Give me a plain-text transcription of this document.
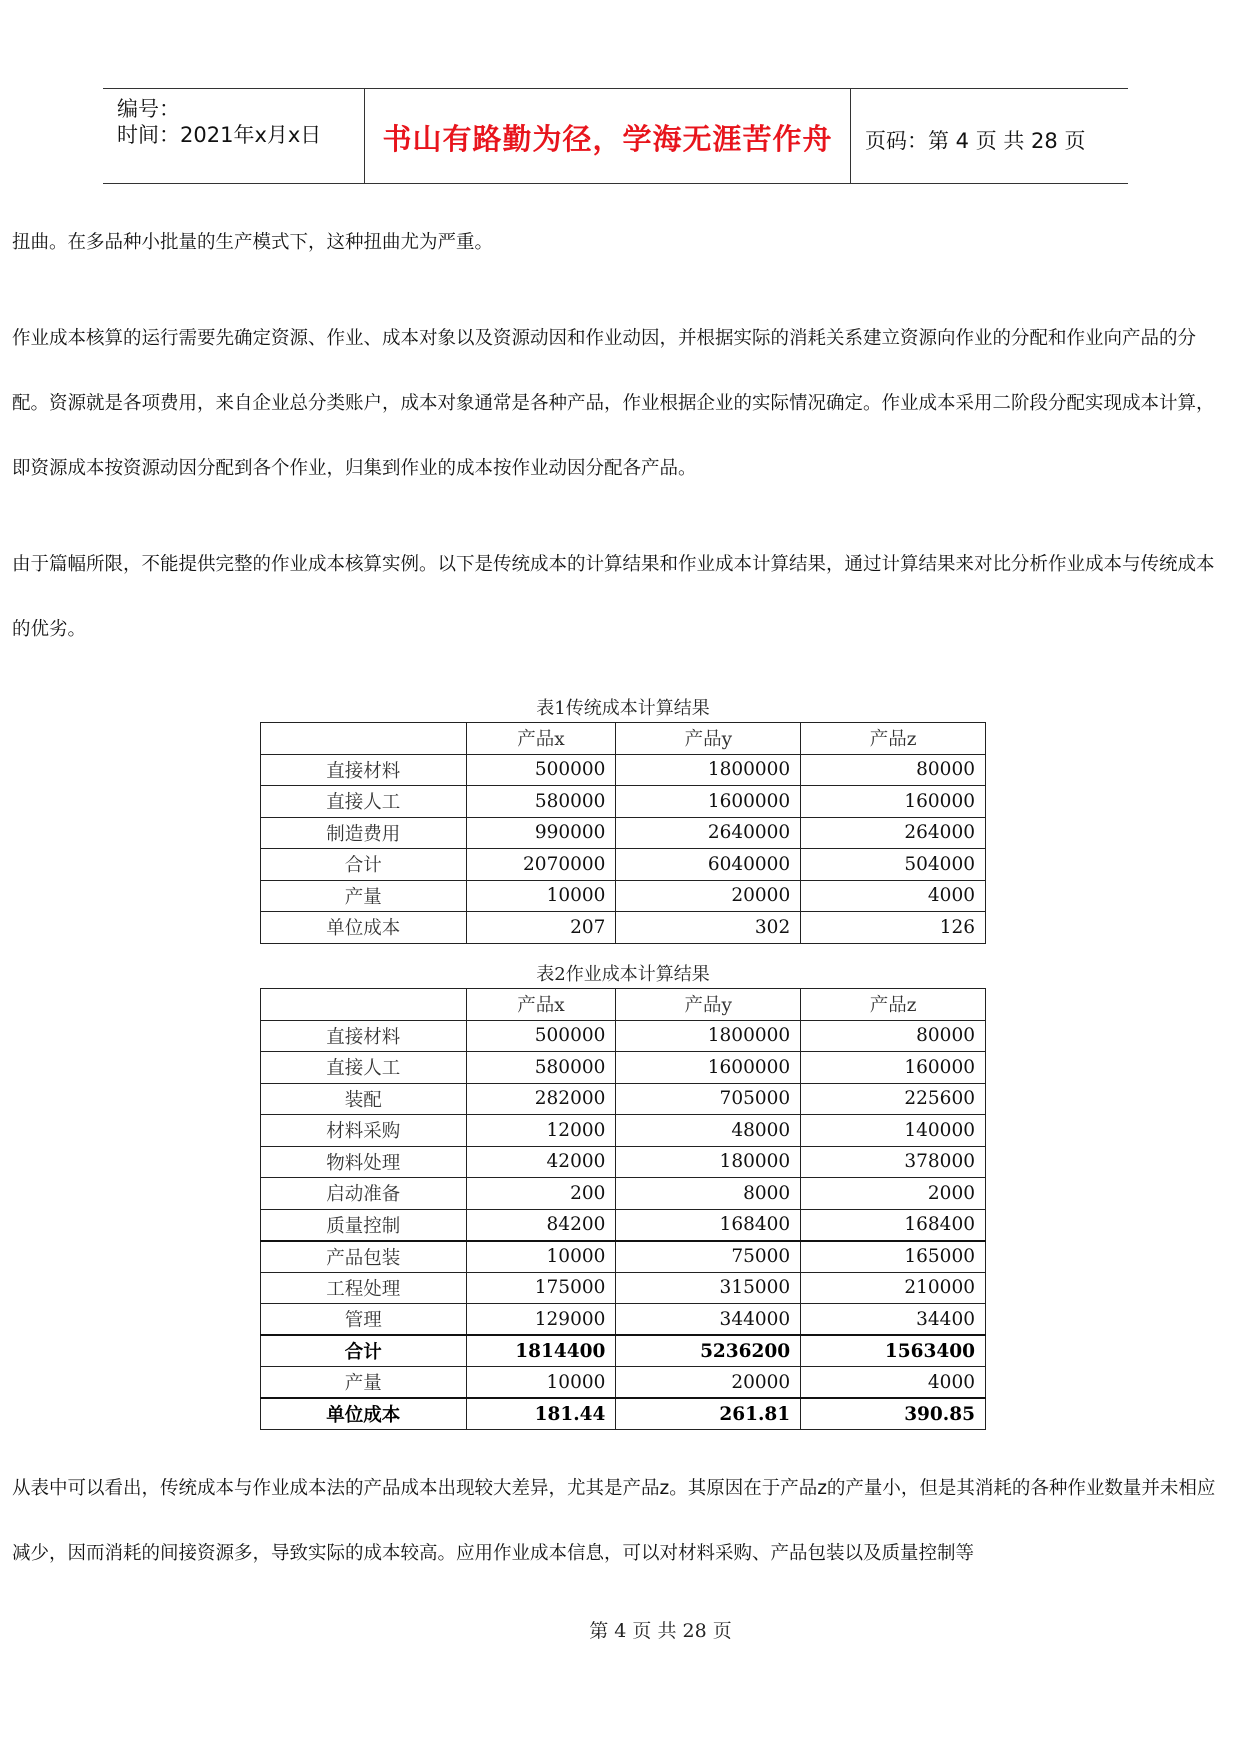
编号：
时间：2021年x月x日	书山有路勤为径，学海无涯苦作舟	页码：第 4 页 共 28 页

扭曲。在多品种小批量的生产模式下，这种扭曲尤为严重。

作业成本核算的运行需要先确定资源、作业、成本对象以及资源动因和作业动因，并根据实际的消耗关系建立资源向作业的分配和作业向产品的分配。资源就是各项费用，来自企业总分类账户，成本对象通常是各种产品，作业根据企业的实际情况确定。作业成本采用二阶段分配实现成本计算，即资源成本按资源动因分配到各个作业，归集到作业的成本按作业动因分配各产品。

由于篇幅所限，不能提供完整的作业成本核算实例。以下是传统成本的计算结果和作业成本计算结果，通过计算结果来对比分析作业成本与传统成本的优劣。

表1传统成本计算结果
	产品x	产品y	产品z
直接材料	500000	1800000	80000
直接人工	580000	1600000	160000
制造费用	990000	2640000	264000
合计	2070000	6040000	504000
产量	10000	20000	4000
单位成本	207	302	126
表2作业成本计算结果
	产品x	产品y	产品z
直接材料	500000	1800000	80000
直接人工	580000	1600000	160000
装配	282000	705000	225600
材料采购	12000	48000	140000
物料处理	42000	180000	378000
启动准备	200	8000	2000
质量控制	84200	168400	168400
产品包装	10000	75000	165000
工程处理	175000	315000	210000
管理	129000	344000	34400
合计	1814400	5236200	1563400
产量	10000	20000	4000
单位成本	181.44	261.81	390.85

从表中可以看出，传统成本与作业成本法的产品成本出现较大差异，尤其是产品z。其原因在于产品z的产量小，但是其消耗的各种作业数量并未相应减少，因而消耗的间接资源多，导致实际的成本较高。应用作业成本信息，可以对材料采购、产品包装以及质量控制等

第 4 页 共 28 页
